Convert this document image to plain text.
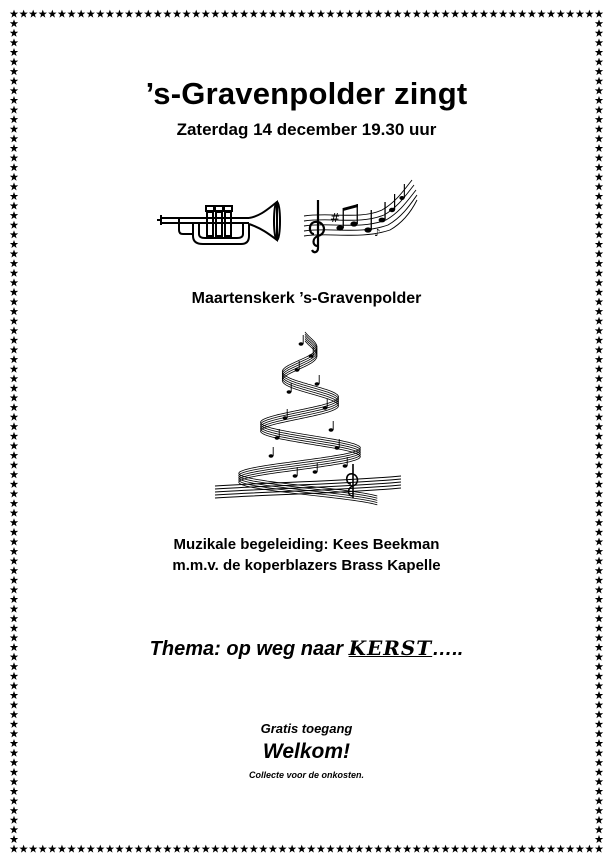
’s-Gravenpolder zingt
Zaterdag 14 december 19.30 uur
#
♪
Maartenskerk ’s-Gravenpolder
Muzikale begeleiding: Kees Beekman
m.m.v. de koperblazers Brass Kapelle
Thema: op weg naar KERST…..
Gratis toegang
Welkom!
Collecte voor de onkosten.
